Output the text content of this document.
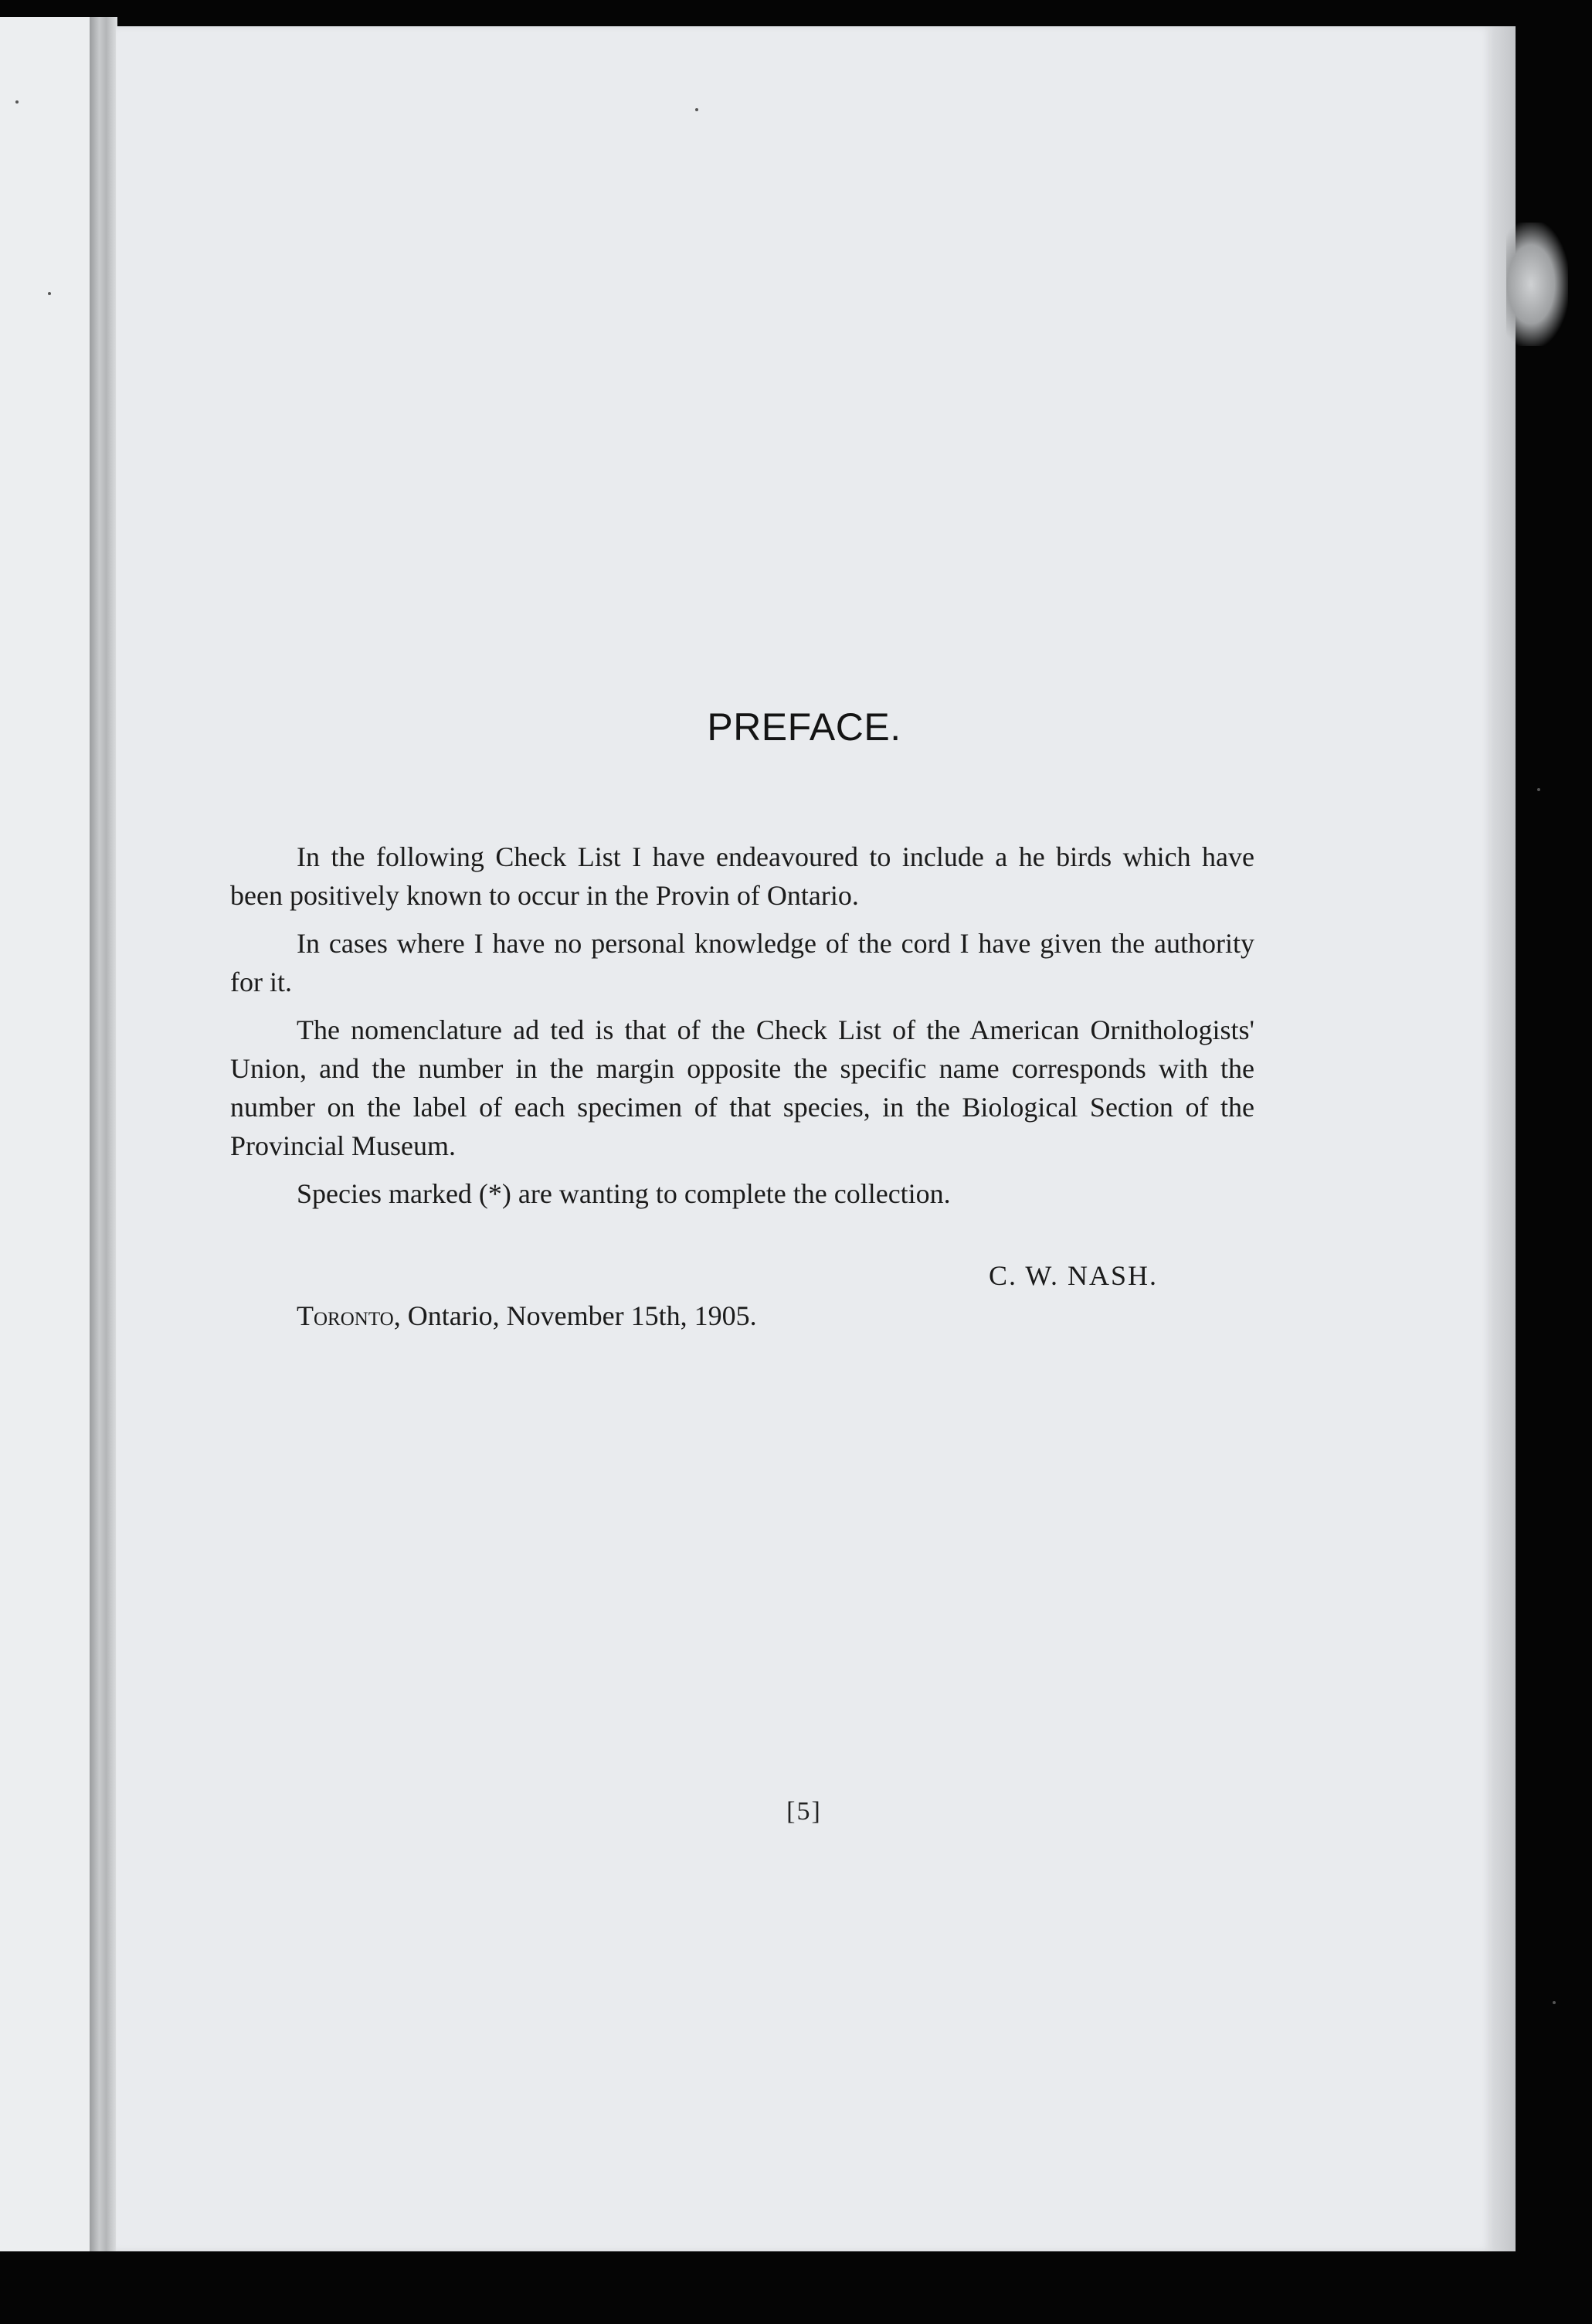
PREFACE.

In the following Check List I have endeavoured to include a he birds which have been positively known to occur in the Provin of Ontario.

In cases where I have no personal knowledge of the cord I have given the authority for it.

The nomenclature ad ted is that of the Check List of the American Ornithologists' Union, and the number in the margin opposite the specific name corresponds with the number on the label of each specimen of that species, in the Biological Section of the Provincial Museum.

Species marked (*) are wanting to complete the collection.

C. W. NASH.
Toronto, Ontario, November 15th, 1905.
[5]
